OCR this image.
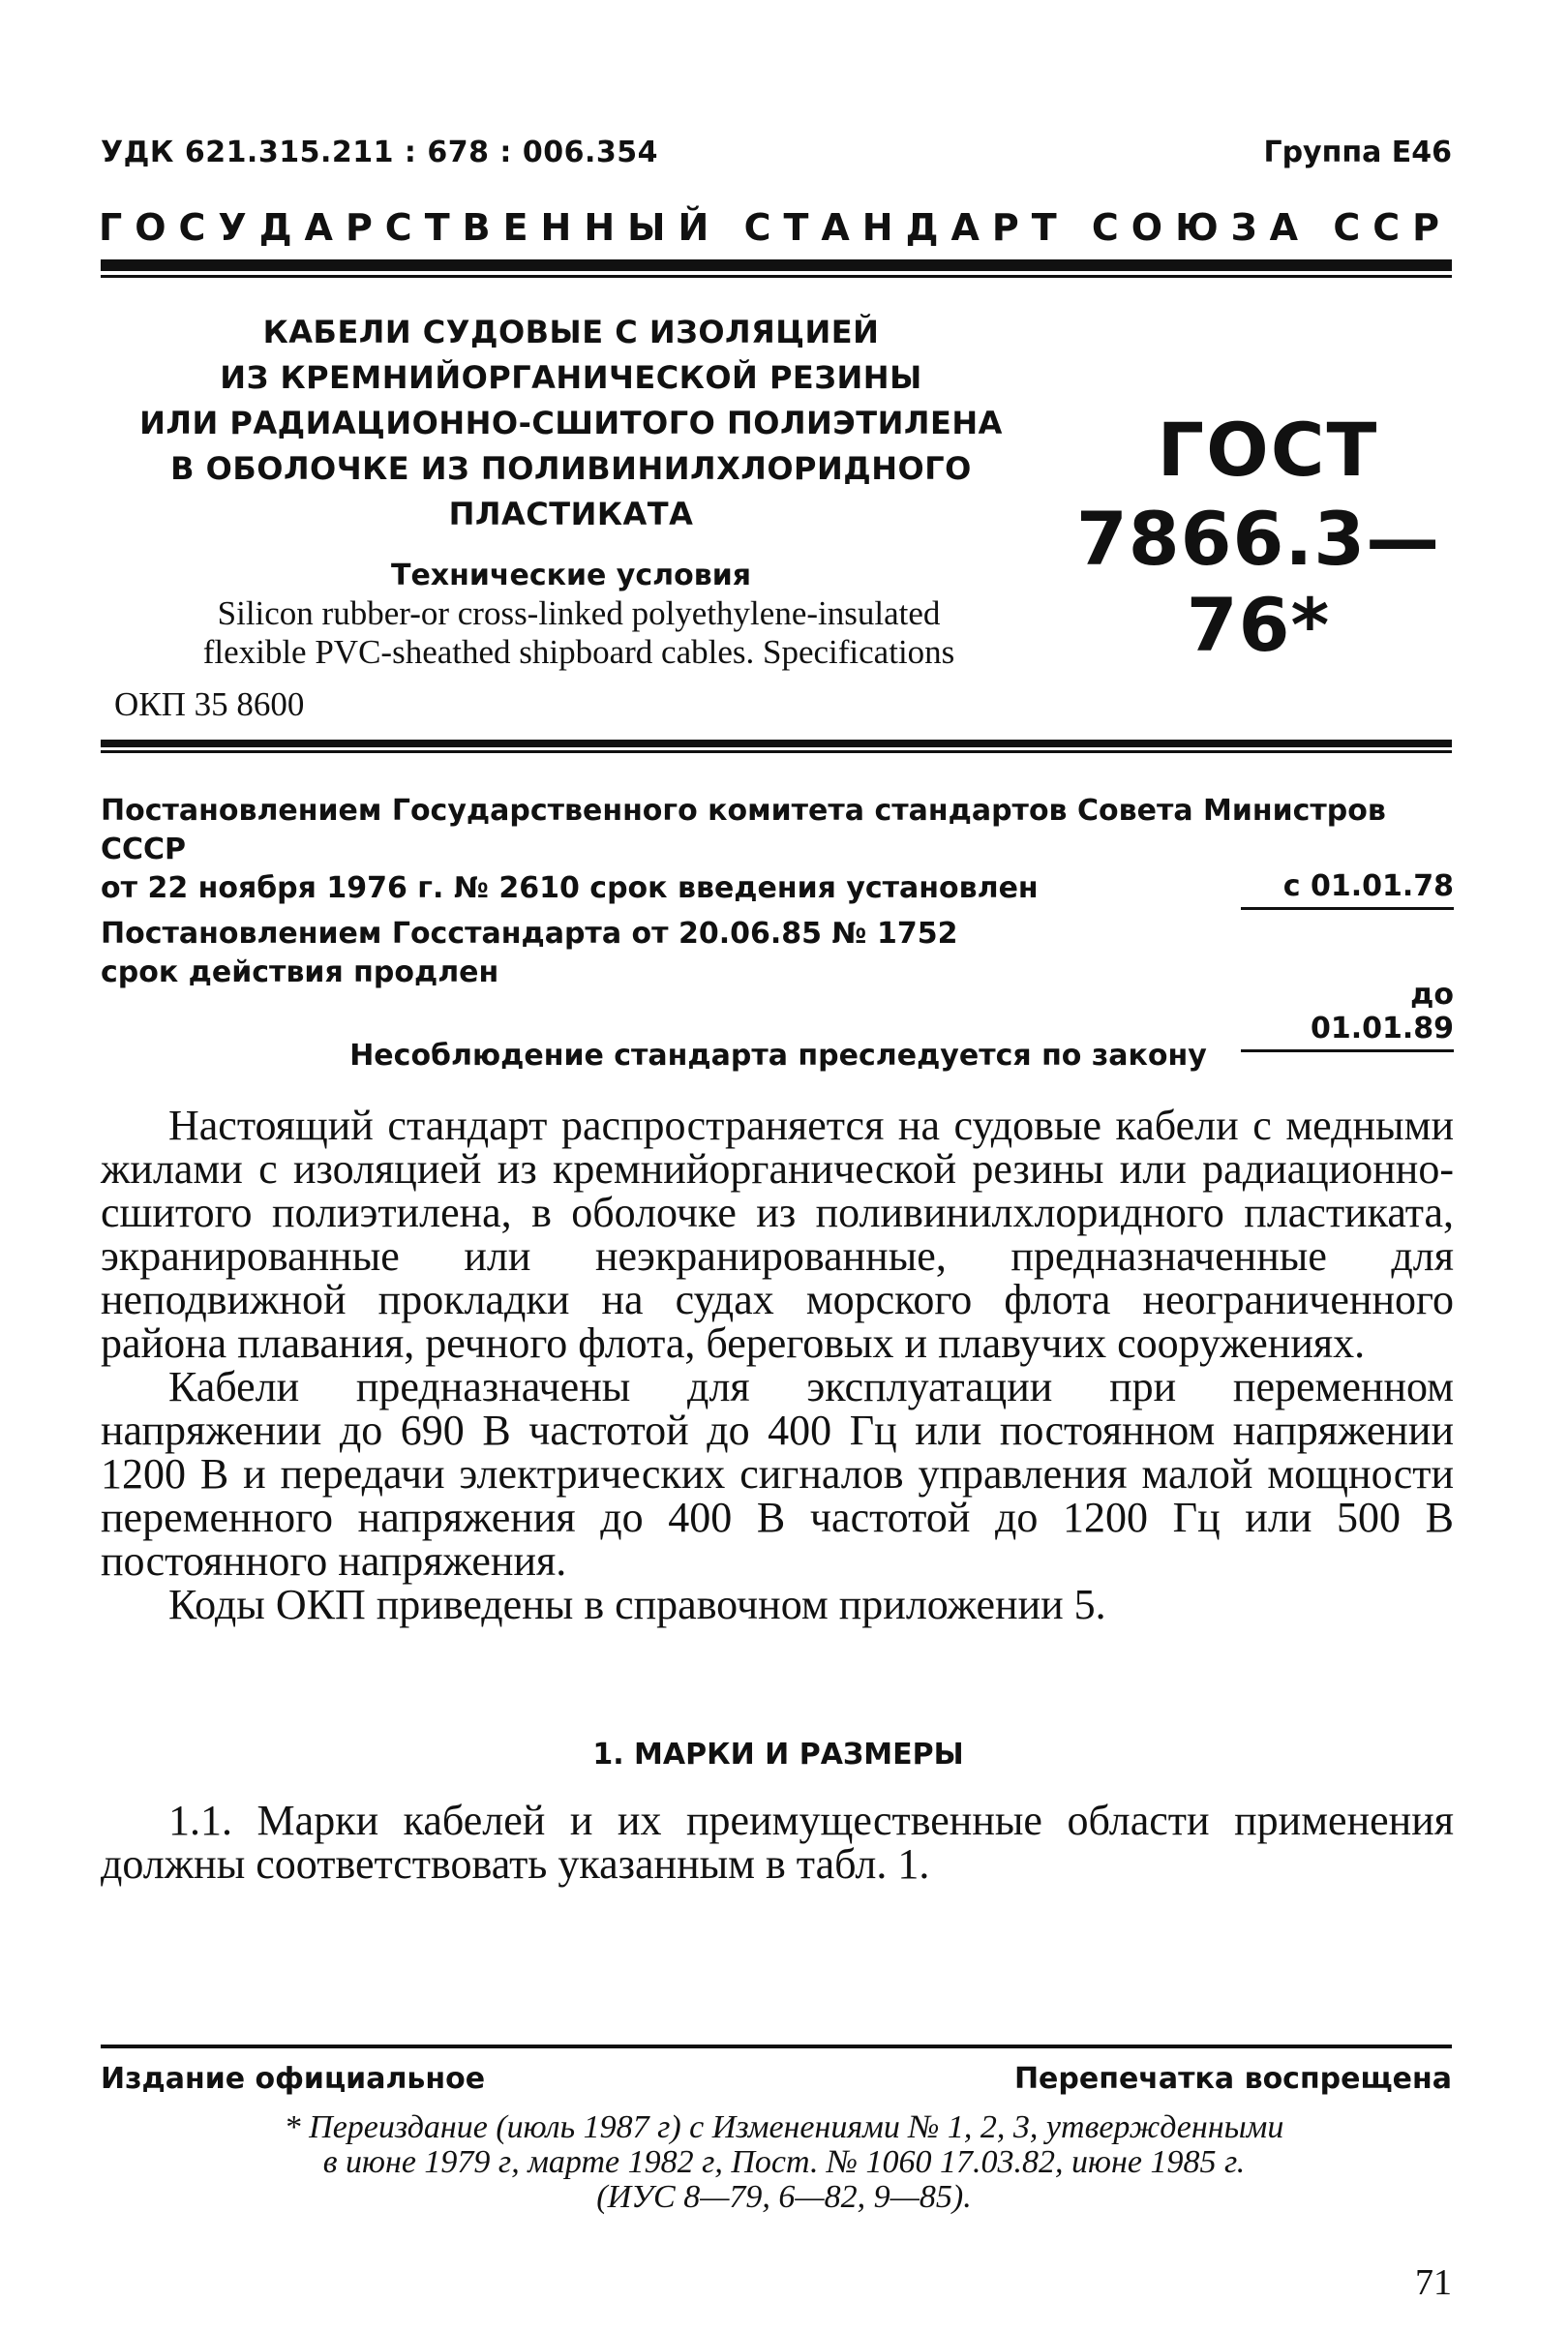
УДК 621.315.211 : 678 : 006.354	Группа Е46
ГОСУДАРСТВЕННЫЙ СТАНДАРТ СОЮЗА ССР
КАБЕЛИ СУДОВЫЕ С ИЗОЛЯЦИЕЙ
ИЗ КРЕМНИЙОРГАНИЧЕСКОЙ РЕЗИНЫ
ИЛИ РАДИАЦИОННО-СШИТОГО ПОЛИЭТИЛЕНА
В ОБОЛОЧКЕ ИЗ ПОЛИВИНИЛХЛОРИДНОГО
ПЛАСТИКАТА
Технические условия
ГОСТ
7866.3—76*
Silicon rubber-or cross-linked polyethylene-insulated
flexible PVC-sheathed shipboard cables. Specifications
ОКП 35 8600
Постановлением Государственного комитета стандартов Совета Министров СССР
от 22 ноября 1976 г. № 2610 срок введения установлен	с 01.01.78
Постановлением Госстандарта от 20.06.85 № 1752
срок действия продлен
до 01.01.89
Несоблюдение стандарта преследуется по закону

Настоящий стандарт распространяется на судовые кабели с медными жилами с изоляцией из кремнийорганической резины или радиационно-сшитого полиэтилена, в оболочке из поливинилхлоридного пластиката, экранированные или неэкранированные, предназначенные для неподвижной прокладки на судах морского флота неограниченного района плавания, речного флота, береговых и плавучих сооружениях.

Кабели предназначены для эксплуатации при переменном напряжении до 690 В частотой до 400 Гц или постоянном напряжении 1200 В и передачи электрических сигналов управления малой мощности переменного напряжения до 400 В частотой до 1200 Гц или 500 В постоянного напряжения.

Коды ОКП приведены в справочном приложении 5.

1. МАРКИ И РАЗМЕРЫ

1.1. Марки кабелей и их преимущественные области применения должны соответствовать указанным в табл. 1.

Издание официальное	Перепечатка воспрещена
* Переиздание (июль 1987 г) с Изменениями № 1, 2, 3, утвержденными
в июне 1979 г, марте 1982 г, Пост. № 1060 17.03.82, июне 1985 г.
(ИУС 8—79, 6—82, 9—85).
71
